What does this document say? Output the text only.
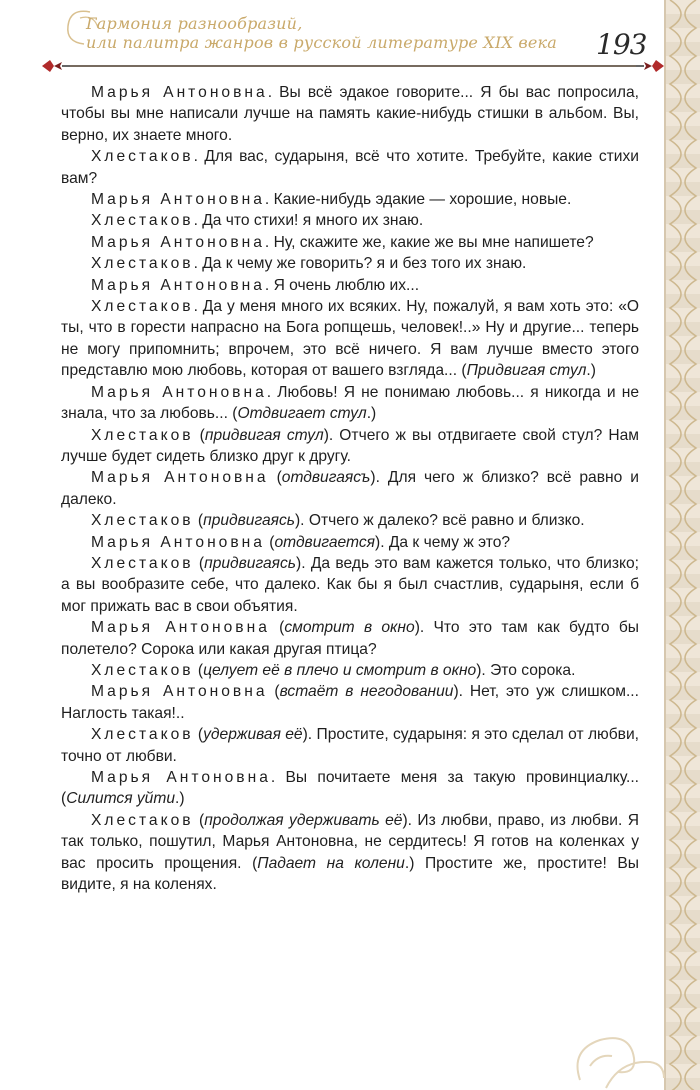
Гармония разнообразий,
или палитра жанров в русской литературе XIX века 193

Марья Антоновна. Вы всё эдакое говорите... Я бы вас попросила, чтобы вы мне написали лучше на память какие-нибудь стишки в альбом. Вы, верно, их знаете много.

Хлестаков. Для вас, сударыня, всё что хотите. Требуйте, какие стихи вам?

Марья Антоновна. Какие-нибудь эдакие — хорошие, новые.

Хлестаков. Да что стихи! я много их знаю.

Марья Антоновна. Ну, скажите же, какие же вы мне напишете?

Хлестаков. Да к чему же говорить? я и без того их знаю.

Марья Антоновна. Я очень люблю их...

Хлестаков. Да у меня много их всяких. Ну, пожалуй, я вам хоть это: «О ты, что в горести напрасно на Бога ропщешь, человек!..» Ну и другие... теперь не могу припомнить; впрочем, это всё ничего. Я вам лучше вместо этого представлю мою любовь, которая от вашего взгляда... (Придвигая стул.)

Марья Антоновна. Любовь! Я не понимаю любовь... я никогда и не знала, что за любовь... (Отдвигает стул.)

Хлестаков (придвигая стул). Отчего ж вы отдвигаете свой стул? Нам лучше будет сидеть близко друг к другу.

Марья Антоновна (отдвигаясъ). Для чего ж близко? всё равно и далеко.

Хлестаков (придвигаясь). Отчего ж далеко? всё равно и близко.

Марья Антоновна (отдвигается). Да к чему ж это?

Хлестаков (придвигаясь). Да ведь это вам кажется только, что близко; а вы вообразите себе, что далеко. Как бы я был счастлив, сударыня, если б мог прижать вас в свои объятия.

Марья Антоновна (смотрит в окно). Что это там как будто бы полетело? Сорока или какая другая птица?

Хлестаков (целует её в плечо и смотрит в окно). Это сорока.

Марья Антоновна (встаёт в негодовании). Нет, это уж слишком... Наглость такая!..

Хлестаков (удерживая её). Простите, сударыня: я это сделал от любви, точно от любви.

Марья Антоновна. Вы почитаете меня за такую провинциалку... (Силится уйти.)

Хлестаков (продолжая удерживать её). Из любви, право, из любви. Я так только, пошутил, Марья Антоновна, не сердитесь! Я готов на коленках у вас просить прощения. (Падает на колени.) Простите же, простите! Вы видите, я на коленях.
